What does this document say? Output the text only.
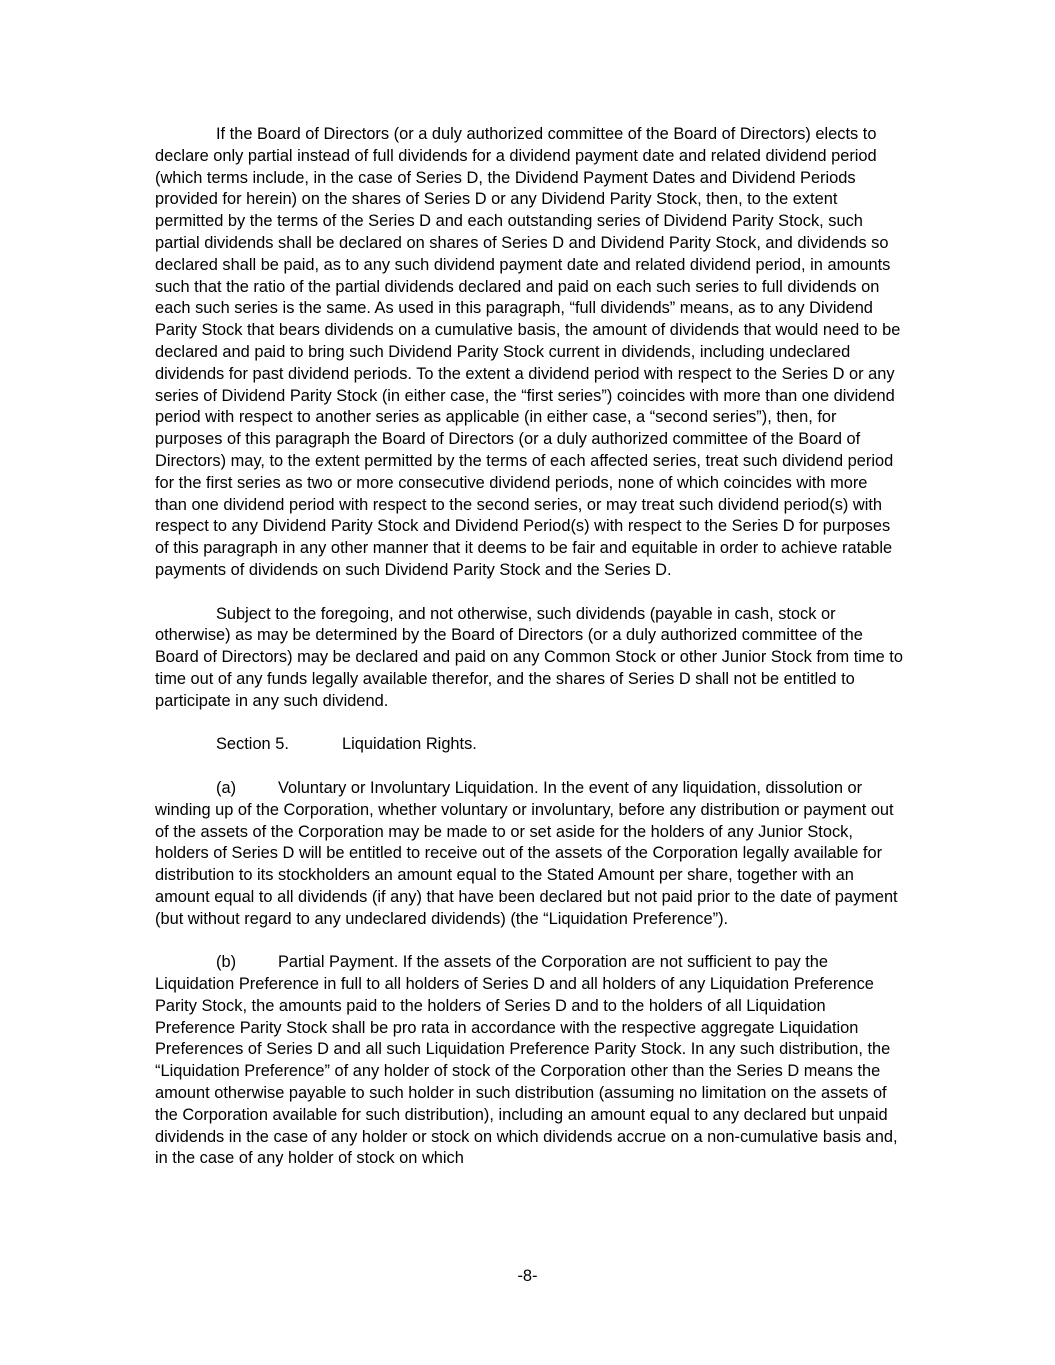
If the Board of Directors (or a duly authorized committee of the Board of Directors) elects to declare only partial instead of full dividends for a dividend payment date and related dividend period (which terms include, in the case of Series D, the Dividend Payment Dates and Dividend Periods provided for herein) on the shares of Series D or any Dividend Parity Stock, then, to the extent permitted by the terms of the Series D and each outstanding series of Dividend Parity Stock, such partial dividends shall be declared on shares of Series D and Dividend Parity Stock, and dividends so declared shall be paid, as to any such dividend payment date and related dividend period, in amounts such that the ratio of the partial dividends declared and paid on each such series to full dividends on each such series is the same. As used in this paragraph, “full dividends” means, as to any Dividend Parity Stock that bears dividends on a cumulative basis, the amount of dividends that would need to be declared and paid to bring such Dividend Parity Stock current in dividends, including undeclared dividends for past dividend periods. To the extent a dividend period with respect to the Series D or any series of Dividend Parity Stock (in either case, the “first series”) coincides with more than one dividend period with respect to another series as applicable (in either case, a “second series”), then, for purposes of this paragraph the Board of Directors (or a duly authorized committee of the Board of Directors) may, to the extent permitted by the terms of each affected series, treat such dividend period for the first series as two or more consecutive dividend periods, none of which coincides with more than one dividend period with respect to the second series, or may treat such dividend period(s) with respect to any Dividend Parity Stock and Dividend Period(s) with respect to the Series D for purposes of this paragraph in any other manner that it deems to be fair and equitable in order to achieve ratable payments of dividends on such Dividend Parity Stock and the Series D.

Subject to the foregoing, and not otherwise, such dividends (payable in cash, stock or otherwise) as may be determined by the Board of Directors (or a duly authorized committee of the Board of Directors) may be declared and paid on any Common Stock or other Junior Stock from time to time out of any funds legally available therefor, and the shares of Series D shall not be entitled to participate in any such dividend.

Section 5.	Liquidation Rights.

(a)	Voluntary or Involuntary Liquidation. In the event of any liquidation, dissolution or winding up of the Corporation, whether voluntary or involuntary, before any distribution or payment out of the assets of the Corporation may be made to or set aside for the holders of any Junior Stock, holders of Series D will be entitled to receive out of the assets of the Corporation legally available for distribution to its stockholders an amount equal to the Stated Amount per share, together with an amount equal to all dividends (if any) that have been declared but not paid prior to the date of payment (but without regard to any undeclared dividends) (the “Liquidation Preference”).

(b)	Partial Payment. If the assets of the Corporation are not sufficient to pay the Liquidation Preference in full to all holders of Series D and all holders of any Liquidation Preference Parity Stock, the amounts paid to the holders of Series D and to the holders of all Liquidation Preference Parity Stock shall be pro rata in accordance with the respective aggregate Liquidation Preferences of Series D and all such Liquidation Preference Parity Stock. In any such distribution, the “Liquidation Preference” of any holder of stock of the Corporation other than the Series D means the amount otherwise payable to such holder in such distribution (assuming no limitation on the assets of the Corporation available for such distribution), including an amount equal to any declared but unpaid dividends in the case of any holder or stock on which dividends accrue on a non-cumulative basis and, in the case of any holder of stock on which

-8-
